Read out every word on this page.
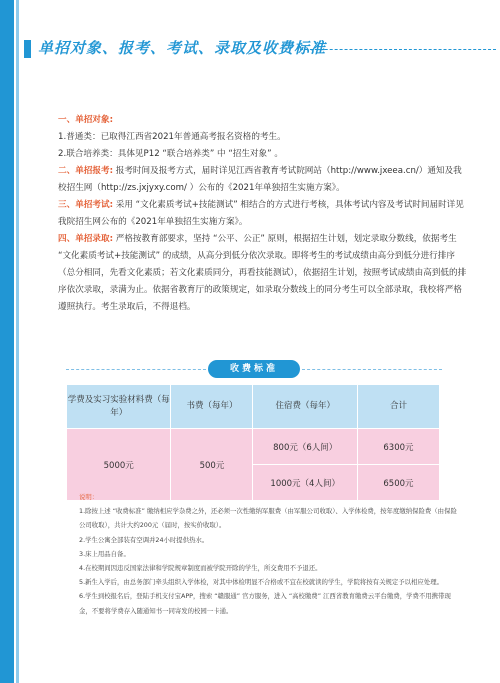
单招对象、报考、考试、录取及收费标准
一、单招对象:
1.普通类：已取得江西省2021年普通高考报名资格的考生。
2.联合培养类：具体见P12 “联合培养类” 中 “招生对象” 。
二、单招报考: 报考时间及报考方式，届时详见江西省教育考试院网站（http://www.jxeea.cn/）通知及我校招生网（http://zs.jxjyxy.com/ ）公布的《2021年单独招生实施方案》。
三、单招考试: 采用 “文化素质考试+技能测试” 相结合的方式进行考核，具体考试内容及考试时间届时详见我院招生网公布的《2021年单独招生实施方案》。
四、单招录取: 严格按教育部要求，坚持 “公平、公正” 原则，根据招生计划，划定录取分数线，依据考生 “文化素质考试+技能测试” 的成绩，从高分到低分依次录取。即将考生的考试成绩由高分到低分进行排序（总分相同，先看文化素质；若文化素质同分，再看技能测试），依据招生计划，按照考试成绩由高到低的排序依次录取，录满为止。依据省教育厅的政策规定，如录取分数线上的同分考生可以全部录取，我校将严格遵照执行。考生录取后，不得退档。
收费标准
学费及实习实验材料费（每年）	书费（每年）	住宿费（每年）	合计
5000元	500元	800元（6人间）	6300元
		1000元（4人间）	6500元
说明：
1.除按上述 “收费标准” 缴纳相应学杂费之外，还必须一次性缴纳军服费（由军服公司收取）、入学体检费，按年度缴纳保险费（由保险公司收取），共计大约200元（届时，按实价收取）。
2.学生公寓全部装有空调并24小时提供热水。
3.床上用品自备。
4.在校期间因违反国家法律和学院规章制度而被学院开除的学生，所交费用不予退还。
5.新生入学后，由总务部门牵头组织入学体检，对其中体检明显不合格或不宜在校就读的学生，学院将按有关规定予以相应处理。
6.学生到校报名后，登陆手机支付宝APP，搜索 “赣服通” 官方服务，进入 “高校缴费” 江西省教育缴费云平台缴费，学费不用携带现金，不要将学费存入随通知书一同寄发的校园一卡通。
